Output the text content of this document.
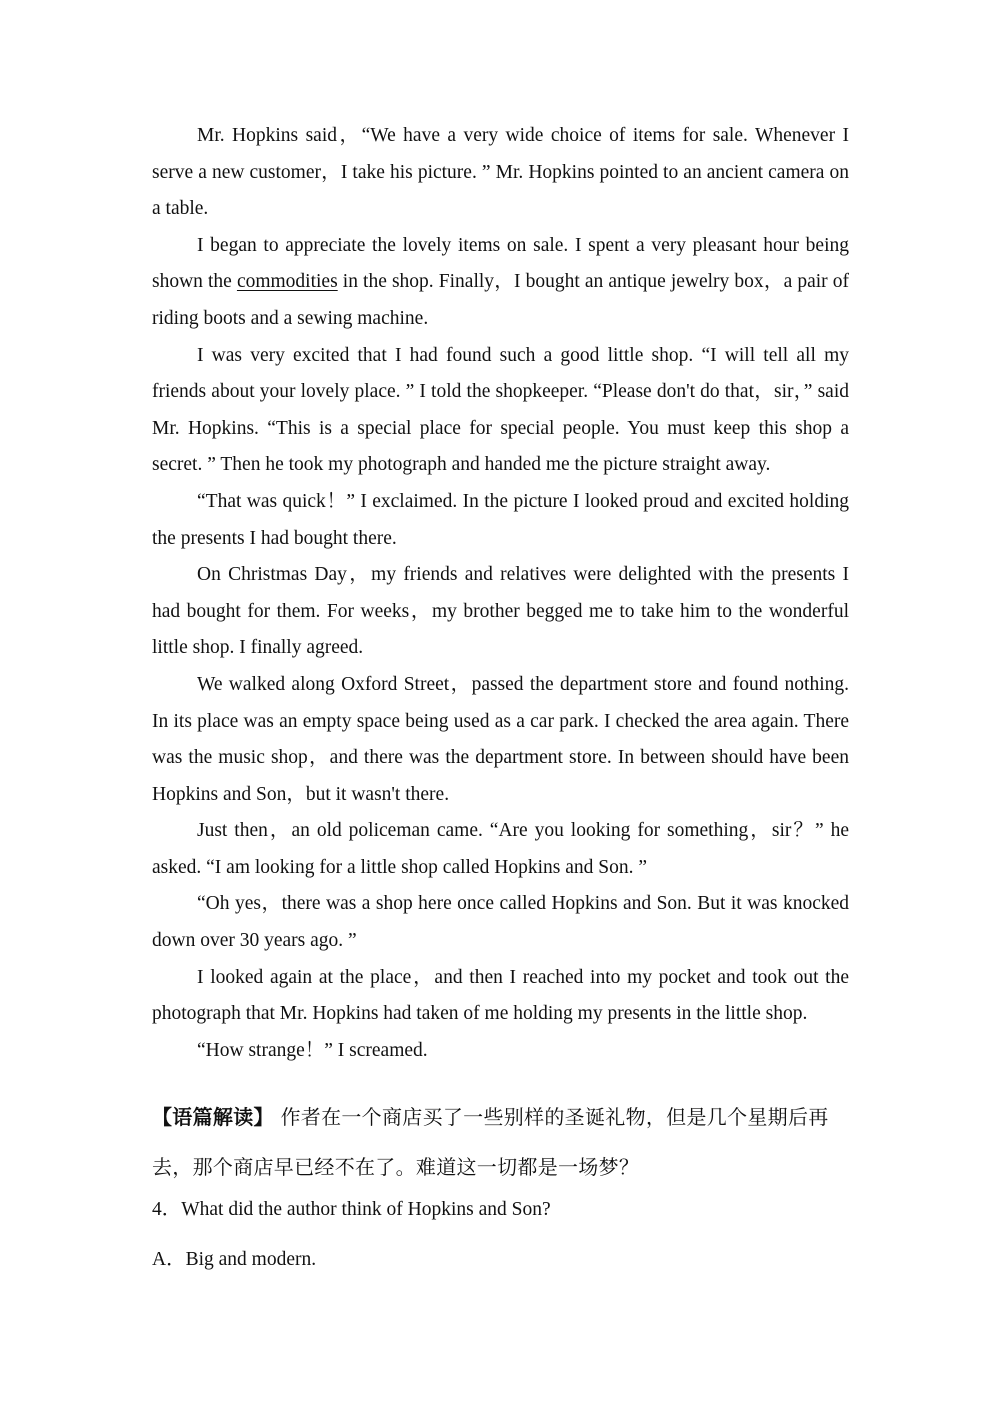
Mr. Hopkins said，“We have a very wide choice of items for sale. Whenever I serve a new customer，I take his picture. ” Mr. Hopkins pointed to an ancient camera on a table.

I began to appreciate the lovely items on sale. I spent a very pleasant hour being shown the commodities in the shop. Finally，I bought an antique jewelry box，a pair of riding boots and a sewing machine.

I was very excited that I had found such a good little shop. “I will tell all my friends about your lovely place. ” I told the shopkeeper. “Please don't do that，sir，” said Mr. Hopkins. “This is a special place for special people. You must keep this shop a secret. ” Then he took my photograph and handed me the picture straight away.

“That was quick！” I exclaimed. In the picture I looked proud and excited holding the presents I had bought there.

On Christmas Day，my friends and relatives were delighted with the presents I had bought for them. For weeks，my brother begged me to take him to the wonderful little shop. I finally agreed.

We walked along Oxford Street，passed the department store and found nothing. In its place was an empty space being used as a car park. I checked the area again. There was the music shop，and there was the department store. In between should have been Hopkins and Son，but it wasn't there.

Just then，an old policeman came. “Are you looking for something，sir？” he asked. “I am looking for a little shop called Hopkins and Son. ”

“Oh yes，there was a shop here once called Hopkins and Son. But it was knocked down over 30 years ago. ”

I looked again at the place，and then I reached into my pocket and took out the photograph that Mr. Hopkins had taken of me holding my presents in the little shop.

“How strange！” I screamed.

【语篇解读】 作者在一个商店买了一些别样的圣诞礼物，但是几个星期后再去，那个商店早已经不在了。难道这一切都是一场梦？

4．What did the author think of Hopkins and Son?

A．Big and modern.
